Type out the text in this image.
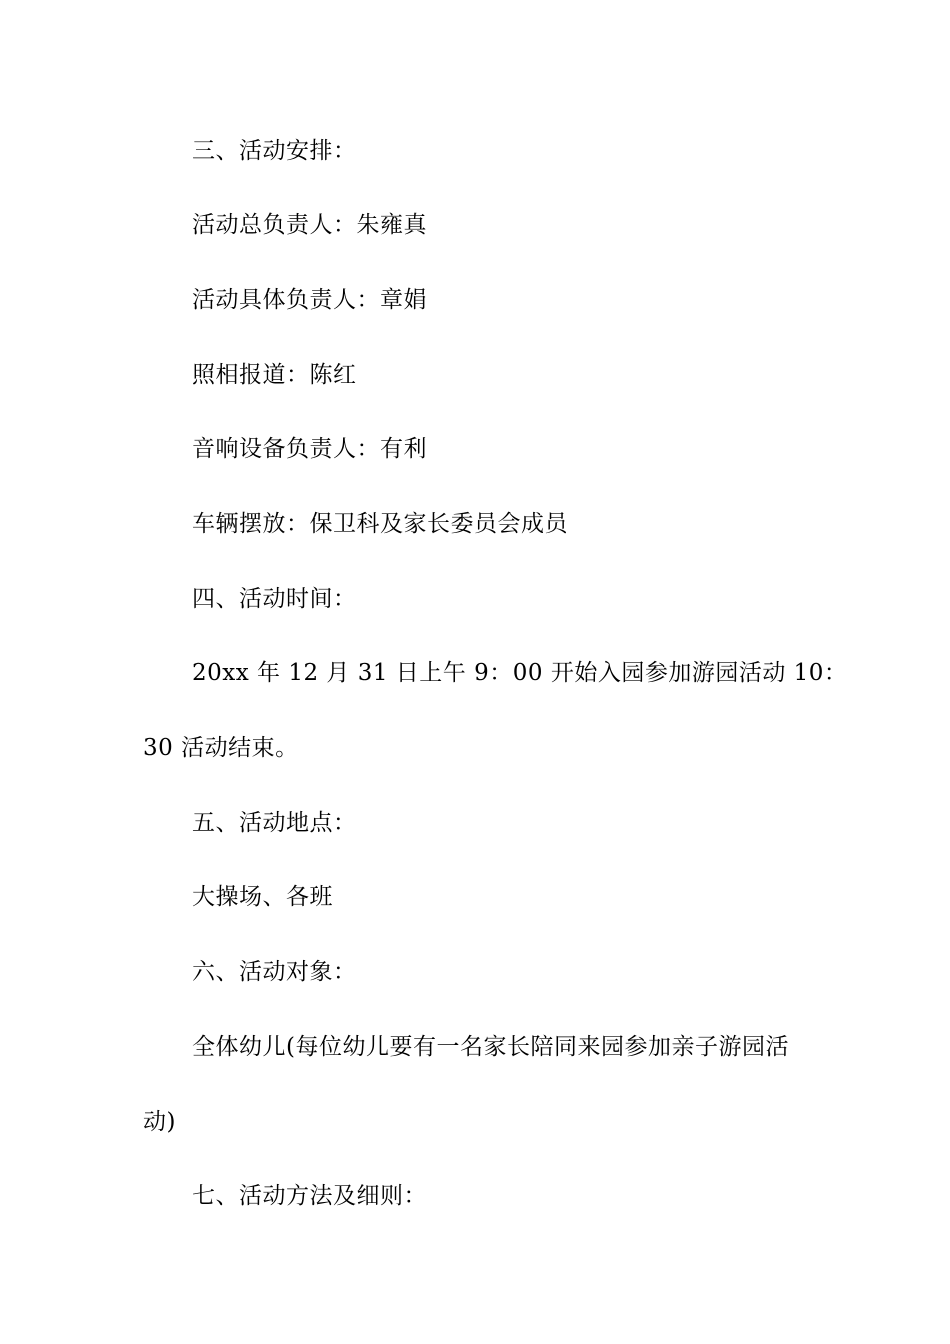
三、活动安排：
活动总负责人：朱雍真
活动具体负责人：章娟
照相报道：陈红
音响设备负责人：有利
车辆摆放：保卫科及家长委员会成员
四、活动时间：
20xx 年 12 月 31 日上午 9：00 开始入园参加游园活动 10：
30 活动结束。
五、活动地点：
大操场、各班
六、活动对象：
全体幼儿(每位幼儿要有一名家长陪同来园参加亲子游园活
动)
七、活动方法及细则：
